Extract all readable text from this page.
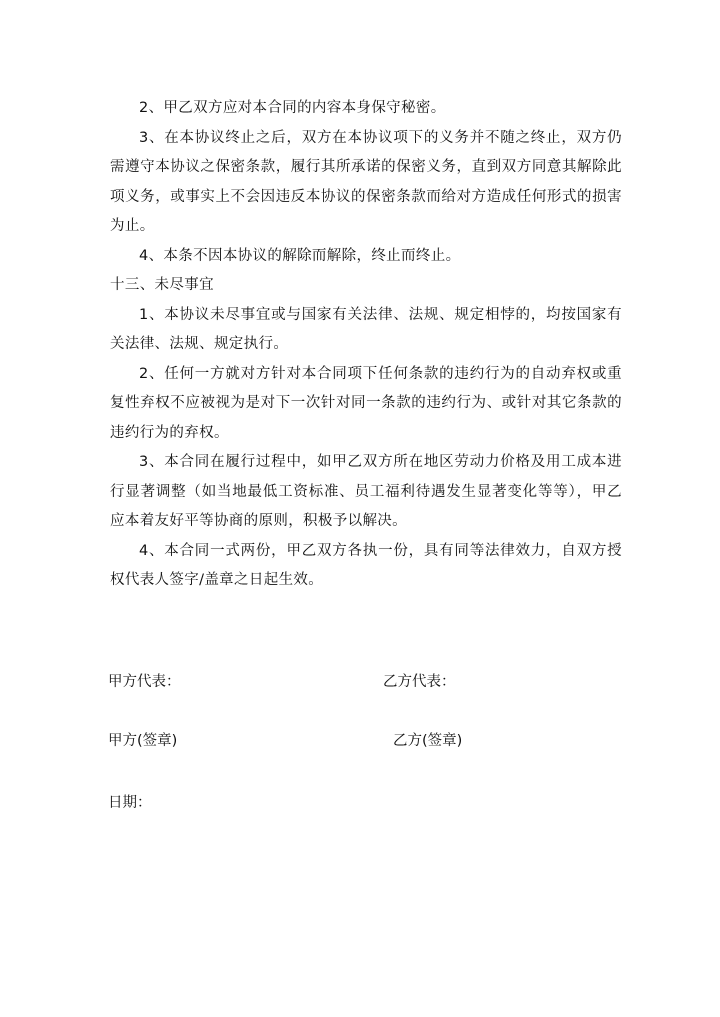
2、甲乙双方应对本合同的内容本身保守秘密。

3、在本协议终止之后，双方在本协议项下的义务并不随之终止，双方仍需遵守本协议之保密条款，履行其所承诺的保密义务，直到双方同意其解除此项义务，或事实上不会因违反本协议的保密条款而给对方造成任何形式的损害为止。

4、本条不因本协议的解除而解除，终止而终止。

十三、未尽事宜

1、本协议未尽事宜或与国家有关法律、法规、规定相悖的，均按国家有关法律、法规、规定执行。

2、任何一方就对方针对本合同项下任何条款的违约行为的自动弃权或重复性弃权不应被视为是对下一次针对同一条款的违约行为、或针对其它条款的违约行为的弃权。

3、本合同在履行过程中，如甲乙双方所在地区劳动力价格及用工成本进行显著调整（如当地最低工资标准、员工福利待遇发生显著变化等等），甲乙应本着友好平等协商的原则，积极予以解决。

4、本合同一式两份，甲乙双方各执一份，具有同等法律效力，自双方授权代表人签字/盖章之日起生效。

甲方代表：	乙方代表：
甲方(签章)	乙方(签章)
日期：
